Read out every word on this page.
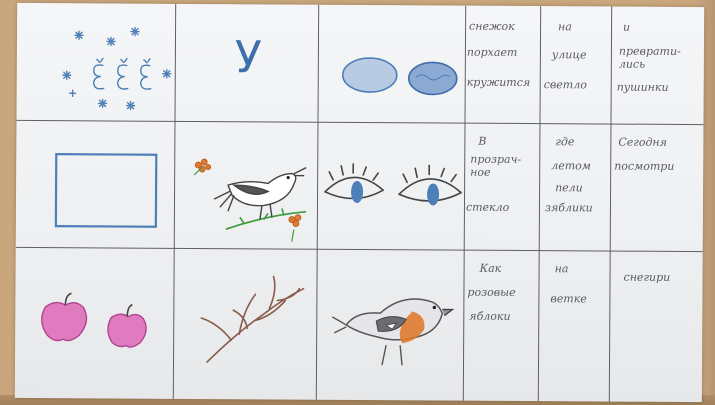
У
снежок
порхает
кружится
на
улице
светло
и
преврати-лись
пушинки
В
прозрач-ное
стекло
где
летом
пели
зяблики
Сегодня
посмотри
Как
розовые
яблоки
на
ветке
снегири
